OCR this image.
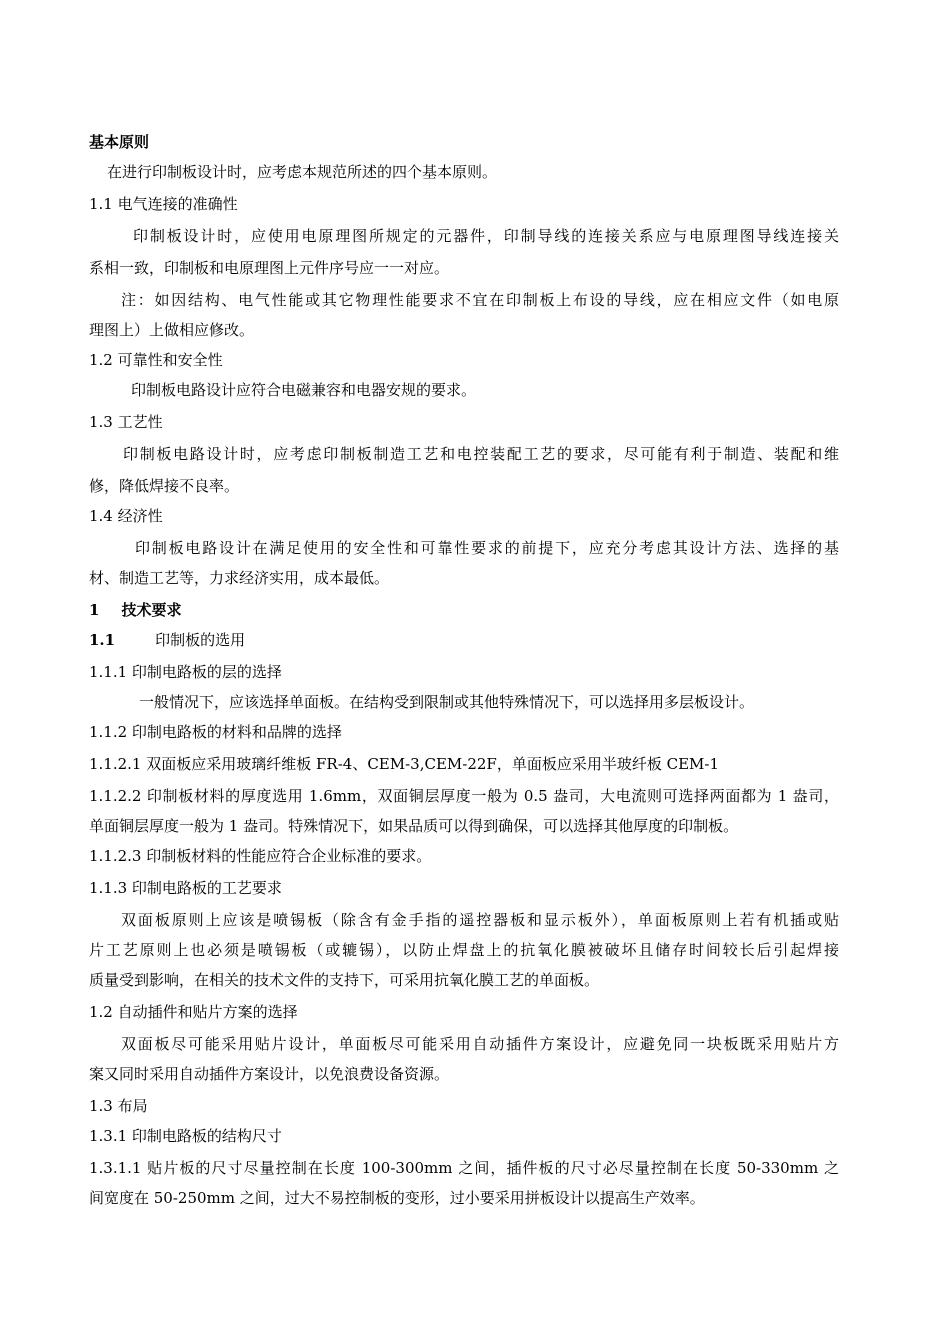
基本原则
在进行印制板设计时，应考虑本规范所述的四个基本原则。
1.1 电气连接的准确性
印制板设计时，应使用电原理图所规定的元器件，印制导线的连接关系应与电原理图导线连接关
系相一致，印制板和电原理图上元件序号应一一对应。
注：如因结构、电气性能或其它物理性能要求不宜在印制板上布设的导线，应在相应文件（如电原
理图上）上做相应修改。
1.2 可靠性和安全性
印制板电路设计应符合电磁兼容和电器安规的要求。
1.3 工艺性
印制板电路设计时，应考虑印制板制造工艺和电控装配工艺的要求，尽可能有利于制造、装配和维
修，降低焊接不良率。
1.4 经济性
印制板电路设计在满足使用的安全性和可靠性要求的前提下，应充分考虑其设计方法、选择的基
材、制造工艺等，力求经济实用，成本最低。
1 技术要求
1.1	印制板的选用
1.1.1 印制电路板的层的选择
一般情况下，应该选择单面板。在结构受到限制或其他特殊情况下，可以选择用多层板设计。
1.1.2 印制电路板的材料和品牌的选择
1.1.2.1 双面板应采用玻璃纤维板 FR-4、CEM-3,CEM-22F，单面板应采用半玻纤板 CEM-1
1.1.2.2 印制板材料的厚度选用 1.6mm，双面铜层厚度一般为 0.5 盎司，大电流则可选择两面都为 1 盎司，
单面铜层厚度一般为 1 盎司。特殊情况下，如果品质可以得到确保，可以选择其他厚度的印制板。
1.1.2.3 印制板材料的性能应符合企业标准的要求。
1.1.3 印制电路板的工艺要求
双面板原则上应该是喷锡板（除含有金手指的遥控器板和显示板外），单面板原则上若有机插或贴
片工艺原则上也必须是喷锡板（或辘锡），以防止焊盘上的抗氧化膜被破坏且储存时间较长后引起焊接
质量受到影响，在相关的技术文件的支持下，可采用抗氧化膜工艺的单面板。
1.2 自动插件和贴片方案的选择
双面板尽可能采用贴片设计，单面板尽可能采用自动插件方案设计，应避免同一块板既采用贴片方
案又同时采用自动插件方案设计，以免浪费设备资源。
1.3 布局
1.3.1 印制电路板的结构尺寸
1.3.1.1 贴片板的尺寸尽量控制在长度 100-300mm 之间，插件板的尺寸必尽量控制在长度 50-330mm 之
间宽度在 50-250mm 之间，过大不易控制板的变形，过小要采用拼板设计以提高生产效率。
